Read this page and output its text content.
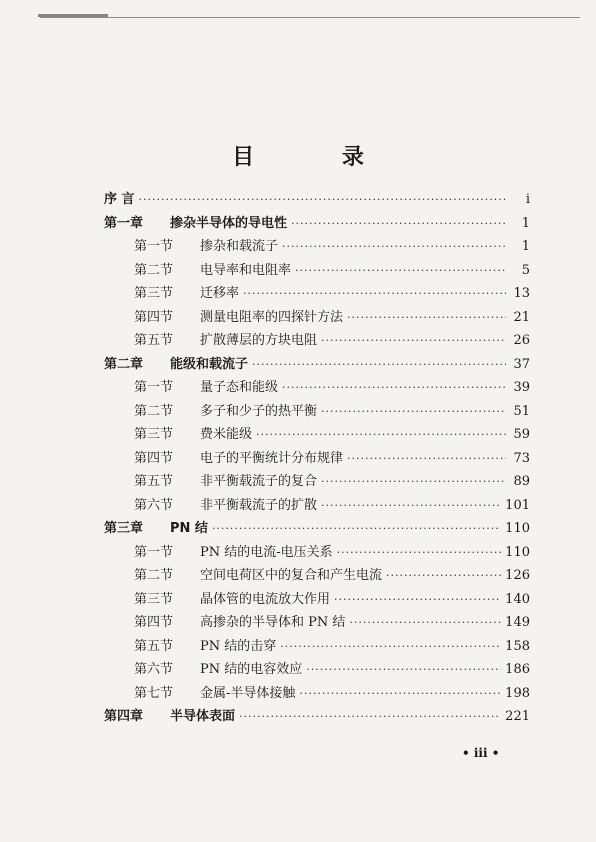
目 录
序 言 ·····	i
第一章	掺杂半导体的导电性 ·····	1
第一节	掺杂和载流子 ·····	1
第二节	电导率和电阻率 ·····	5
第三节	迁移率 ·····	13
第四节	测量电阻率的四探针方法 ·····	21
第五节	扩散薄层的方块电阻 ·····	26
第二章	能级和载流子 ·····	37
第一节	量子态和能级 ·····	39
第二节	多子和少子的热平衡 ·····	51
第三节	费米能级 ·····	59
第四节	电子的平衡统计分布规律 ·····	73
第五节	非平衡载流子的复合 ·····	89
第六节	非平衡载流子的扩散 ·····	101
第三章	PN 结 ·····	110
第一节	PN 结的电流-电压关系 ·····	110
第二节	空间电荷区中的复合和产生电流 ·····	126
第三节	晶体管的电流放大作用 ·····	140
第四节	高掺杂的半导体和 PN 结 ·····	149
第五节	PN 结的击穿 ·····	158
第六节	PN 结的电容效应 ·····	186
第七节	金属-半导体接触 ·····	198
第四章	半导体表面 ·····	221
• iii •
